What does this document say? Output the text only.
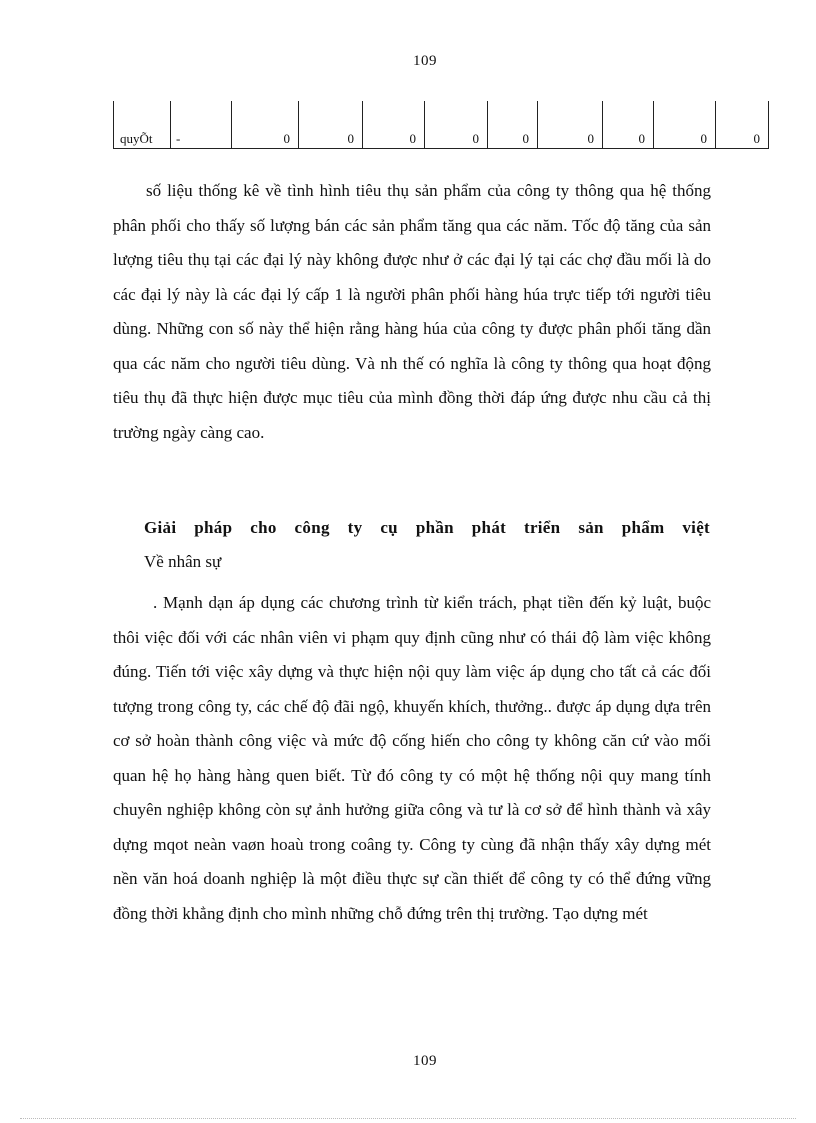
109
quyÕt -	0	0	0	0	0	0	0	0	0

số liệu thống kê về tình hình tiêu thụ sản phẩm của công ty thông qua hệ thống phân phối cho thấy số lượng bán các sản phẩm tăng qua các năm. Tốc độ tăng của sản lượng tiêu thụ tại các đại lý này không được như ở các đại lý tại các chợ đầu mối là do các đại lý này là các đại lý cấp 1 là người phân phối hàng húa trực tiếp tới người tiêu dùng. Những con số này thể hiện rằng hàng húa của công ty được phân phối tăng dần qua các năm cho người tiêu dùng. Và nh thế có nghĩa là công ty thông qua hoạt động tiêu thụ đã thực hiện được mục tiêu của mình đồng thời đáp ứng được nhu cầu cả thị trường ngày càng cao.

Giải pháp cho công ty cụ phần phát triển sản phẩm việt

Về nhân sự

. Mạnh dạn áp dụng các chương trình từ kiển trách, phạt tiền đến kỷ luật, buộc thôi việc đối với các nhân viên vi phạm quy định cũng như có thái độ làm việc không đúng. Tiến tới việc xây dựng và thực hiện nội quy làm việc áp dụng cho tất cả các đối tượng trong công ty, các chế độ đãi ngộ, khuyến khích, thưởng.. được áp dụng dựa trên cơ sở hoàn thành công việc và mức độ cống hiến cho công ty không căn cứ vào mối quan hệ họ hàng hàng quen biết. Từ đó công ty có một hệ thống nội quy mang tính chuyên nghiệp không còn sự ảnh hưởng giữa công và tư là cơ sở để hình thành và xây dựng mqot neàn vaøn hoaù trong coâng ty. Công ty cùng đã nhận thấy xây dựng mét nền văn hoá doanh nghiệp là một điều thực sự cần thiết để công ty có thể đứng vững đồng thời khẳng định cho mình những chỗ đứng trên thị trường. Tạo dựng mét

109
